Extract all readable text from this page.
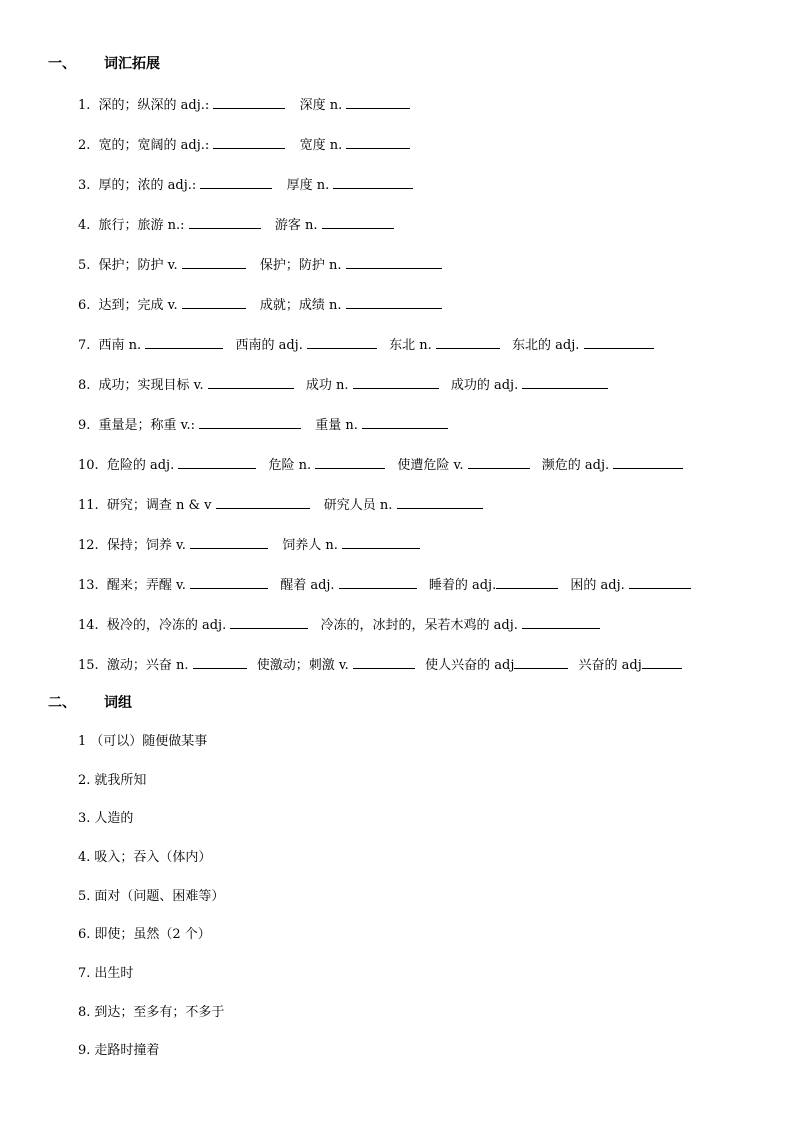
一、 词汇拓展
1. 深的；纵深的 adj.:	深度 n.
2. 宽的；宽阔的 adj.:	宽度 n.
3. 厚的；浓的 adj.:	厚度 n.
4. 旅行；旅游 n.:	游客 n.
5. 保护；防护 v.	保护；防护 n.
6. 达到；完成 v.	成就；成绩 n.
7. 西南 n.	西南的 adj.	东北 n.	东北的 adj.
8. 成功；实现目标 v.	成功 n.	成功的 adj.
9. 重量是；称重 v.:	重量 n.
10. 危险的 adj.	危险 n.	使遭危险 v.	濒危的 adj.
11. 研究；调查 n & v	研究人员 n.
12. 保持；饲养 v.	饲养人 n.
13. 醒来；弄醒 v.	醒着 adj.	睡着的 adj.	困的 adj.
14. 极冷的，冷冻的 adj.	冷冻的，冰封的，呆若木鸡的 adj.
15. 激动；兴奋 n.	使激动；刺激 v.	使人兴奋的 adj	兴奋的 adj
二、 词组
1 （可以）随便做某事
2. 就我所知
3. 人造的
4. 吸入；吞入（体内）
5. 面对（问题、困难等）
6. 即使；虽然（2 个）
7. 出生时
8. 到达；至多有；不多于
9. 走路时撞着
